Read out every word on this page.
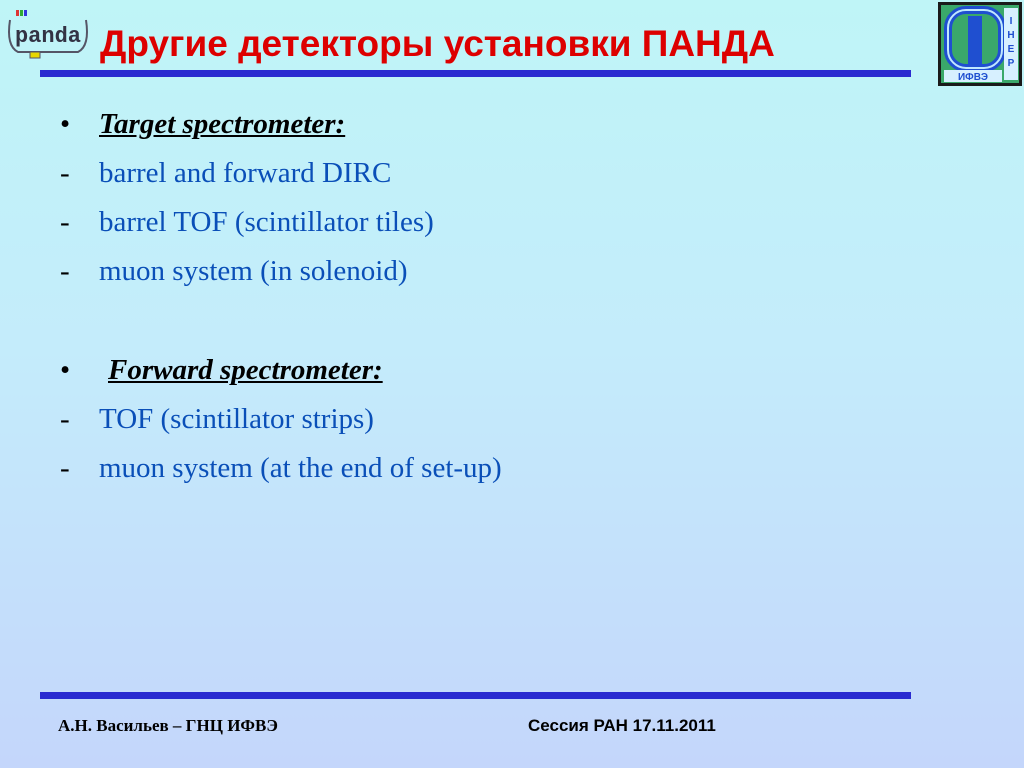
panda Другие детекторы установки ПАНДА
I
H
E
P
ИФВЭ
• Target spectrometer:
- barrel and forward DIRC
- barrel TOF (scintillator tiles)
- muon system (in solenoid)
• Forward spectrometer:
- TOF (scintillator strips)
- muon system (at the end of set-up)
А.Н. Васильев – ГНЦ ИФВЭ	Сессия РАН 17.11.2011
